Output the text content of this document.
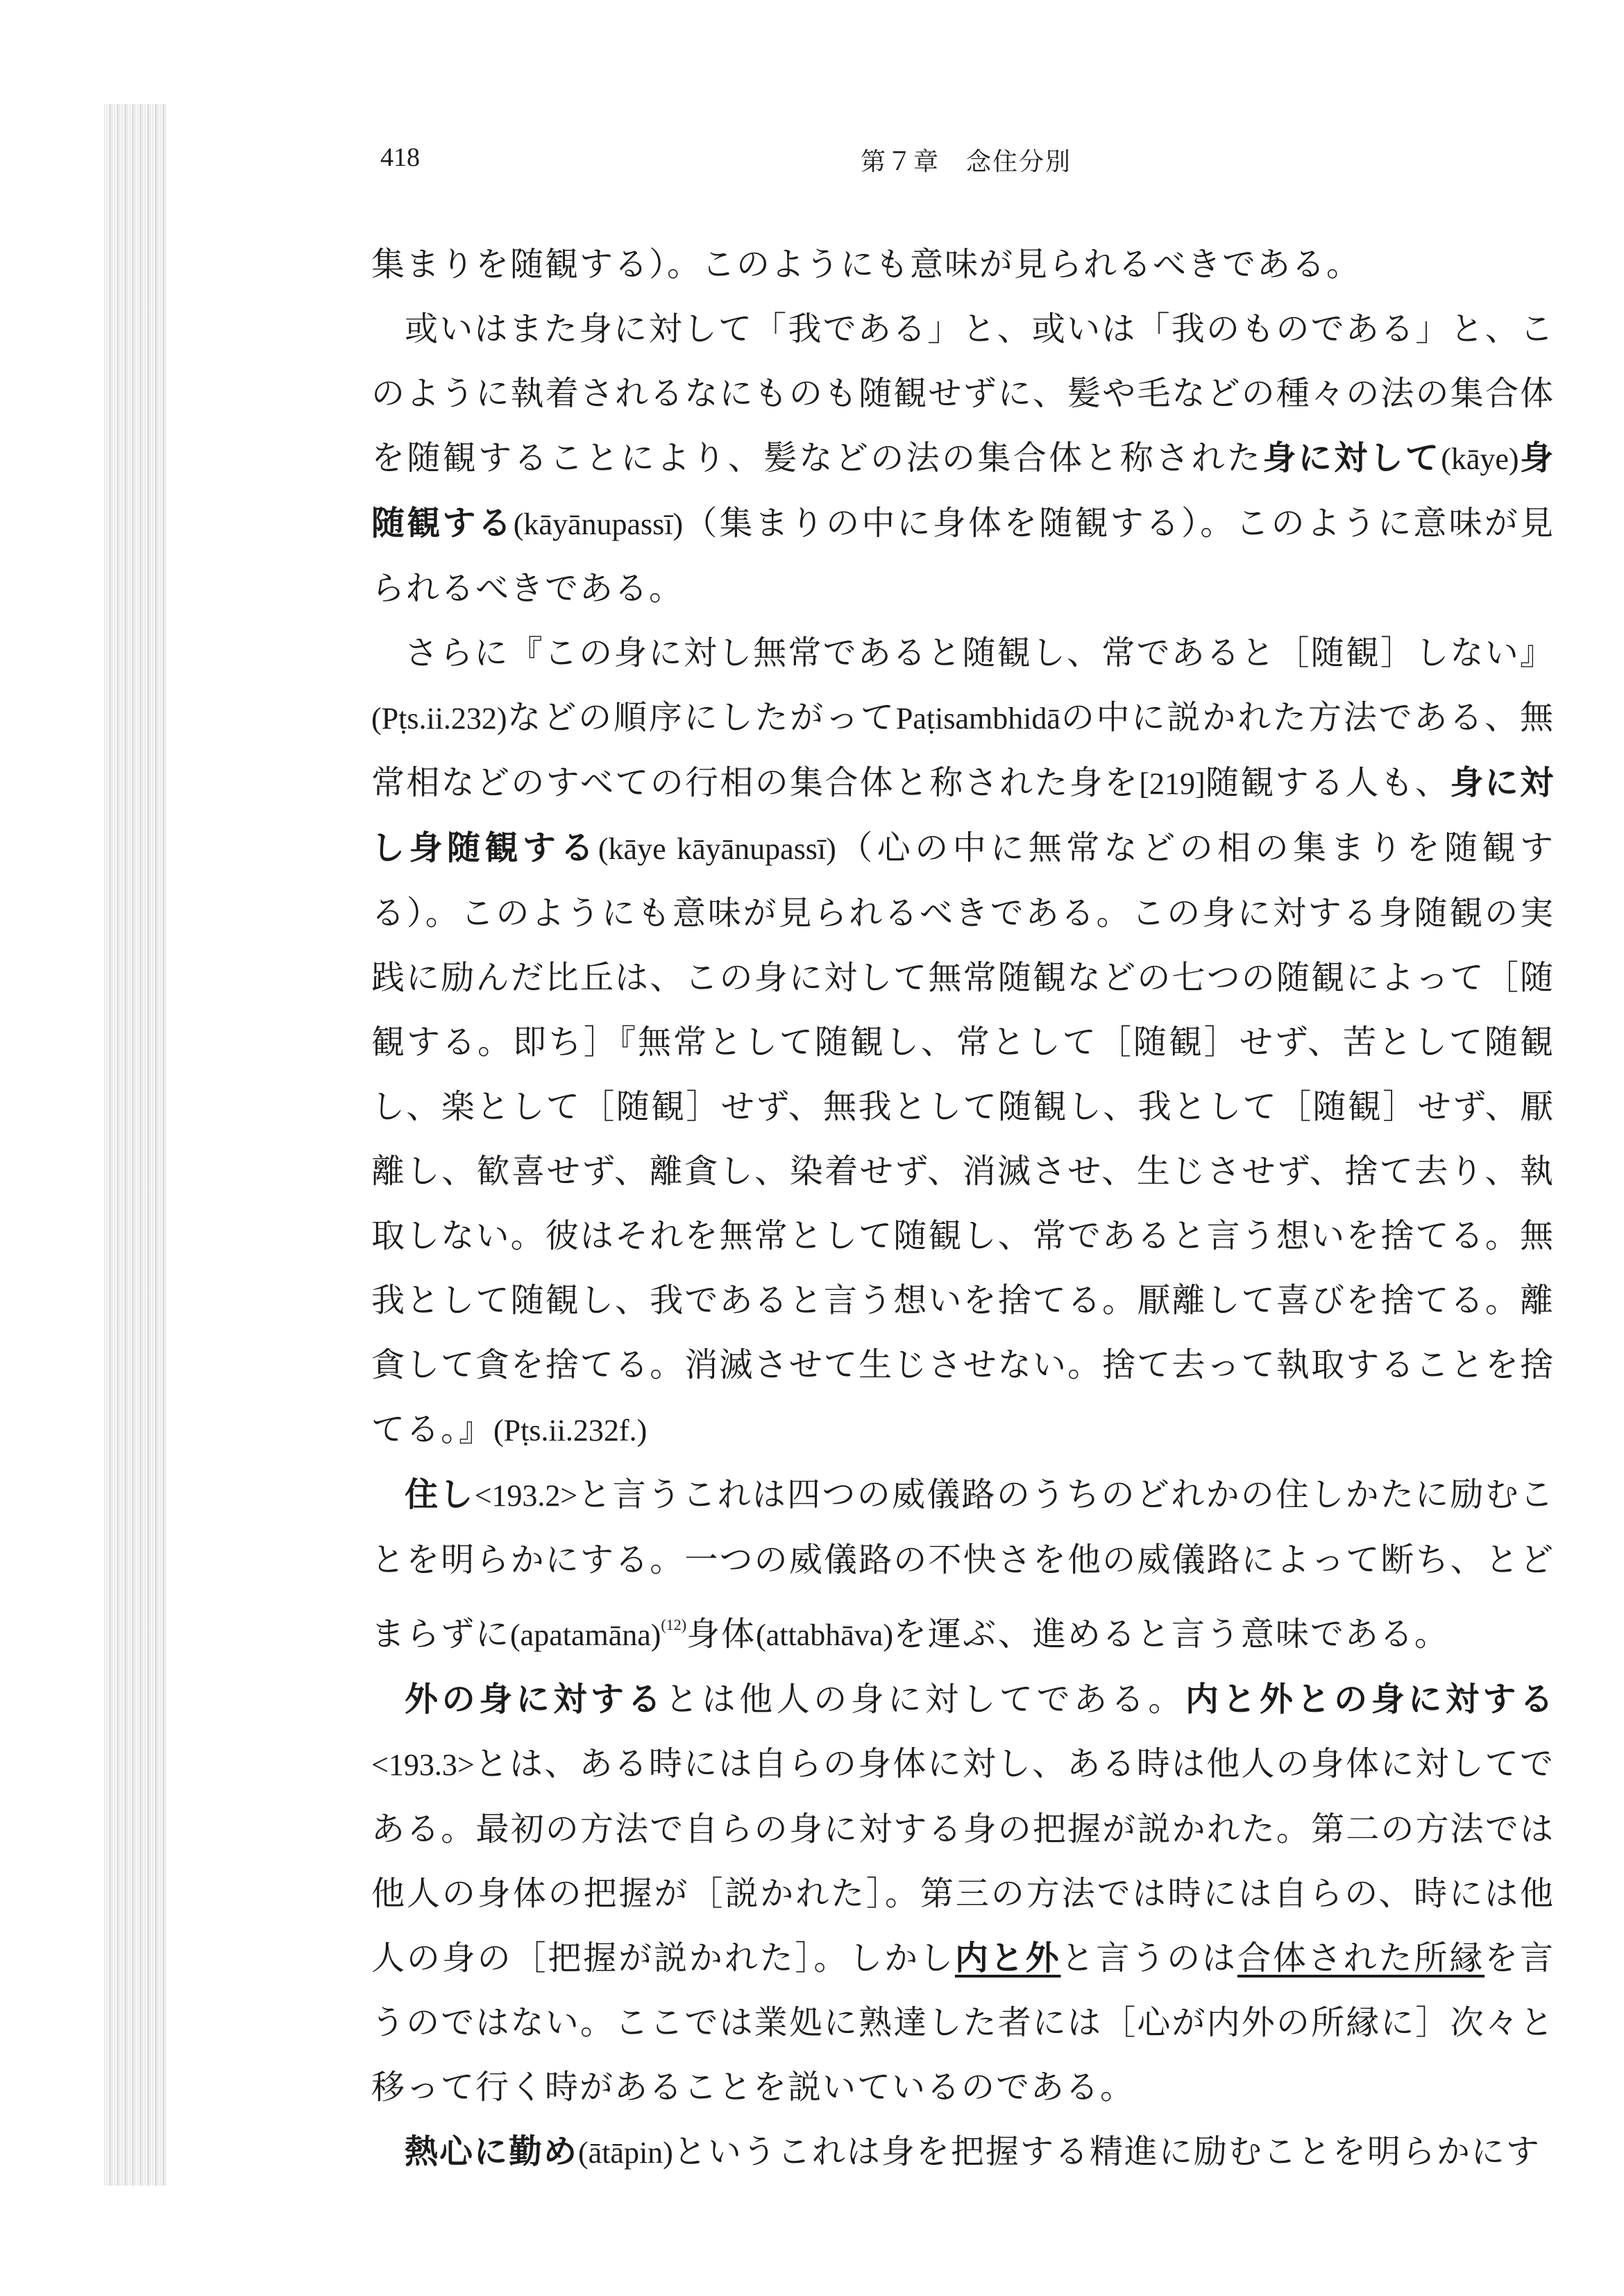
418	第７章　念住分別

集まりを随観する）。このようにも意味が見られるべきである。

或いはまた身に対して「我である」と、或いは「我のものである」と、このように執着されるなにものも随観せずに、髪や毛などの種々の法の集合体を随観することにより、髪などの法の集合体と称された身に対して(kāye)身随観する(kāyānupassī)（集まりの中に身体を随観する）。このように意味が見られるべきである。

さらに『この身に対し無常であると随観し、常であると［随観］しない』(Pṭs.ii.232)などの順序にしたがってPaṭisambhidāの中に説かれた方法である、無常相などのすべての行相の集合体と称された身を[219]随観する人も、身に対し身随観する(kāye kāyānupassī)（心の中に無常などの相の集まりを随観する）。このようにも意味が見られるべきである。この身に対する身随観の実践に励んだ比丘は、この身に対して無常随観などの七つの随観によって［随観する。即ち］『無常として随観し、常として［随観］せず、苦として随観し、楽として［随観］せず、無我として随観し、我として［随観］せず、厭離し、歓喜せず、離貪し、染着せず、消滅させ、生じさせず、捨て去り、執取しない。彼はそれを無常として随観し、常であると言う想いを捨てる。無我として随観し、我であると言う想いを捨てる。厭離して喜びを捨てる。離貪して貪を捨てる。消滅させて生じさせない。捨て去って執取することを捨てる。』(Pṭs.ii.232f.)

住し<193.2>と言うこれは四つの威儀路のうちのどれかの住しかたに励むことを明らかにする。一つの威儀路の不快さを他の威儀路によって断ち、とどまらずに(apatamāna)$^{(12)}$身体(attabhāva)を運ぶ、進めると言う意味である。

外の身に対するとは他人の身に対してである。内と外との身に対する<193.3>とは、ある時には自らの身体に対し、ある時は他人の身体に対してである。最初の方法で自らの身に対する身の把握が説かれた。第二の方法では他人の身体の把握が［説かれた］。第三の方法では時には自らの、時には他人の身の［把握が説かれた］。しかし内と外と言うのは合体された所縁を言うのではない。ここでは業処に熟達した者には［心が内外の所縁に］次々と移って行く時があることを説いているのである。

熱心に勤め(ātāpin)というこれは身を把握する精進に励むことを明らかにす
